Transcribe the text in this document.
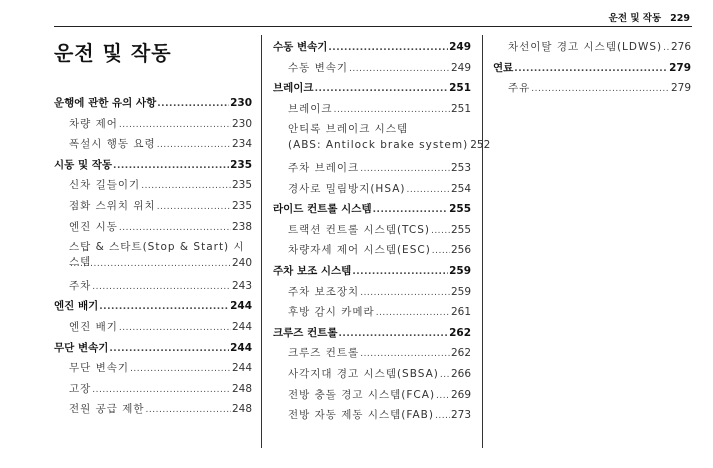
운전 및 작동 229
운전 및 작동
운행에 관한 유의 사항 .....	230
차량 제어 .....	230
폭설시 행동 요령 .....	234
시동 및 작동 .....	235
신차 길들이기 .....	235
점화 스위치 위치 .....	235
엔진 시동 .....	238
스탑 & 스타트(Stop & Start) 시스템 .....	240
주차 .....	243
엔진 배기 .....	244
엔진 배기 .....	244
무단 변속기 .....	244
무단 변속기 .....	244
고장 .....	248
전원 공급 제한 .....	248
수동 변속기 .....	249
수동 변속기 .....	249
브레이크 .....	251
브레이크 .....	251
안티록 브레이크 시스템
(ABS: Antilock brake system) 252
주차 브레이크 .....	253
경사로 밀림방지(HSA) .....	254
라이드 컨트롤 시스템 .....	255
트랙션 컨트롤 시스템(TCS) ..... 255
차량자세 제어 시스템(ESC) ..... 256
주차 보조 시스템 .....	259
주차 보조장치 .....	259
후방 감시 카메라 .....	261
크루즈 컨트롤 .....	262
크루즈 컨트롤 .....	262
사각지대 경고 시스템(SBSA) ..... 266
전방 충돌 경고 시스템(FCA) ..... 269
전방 자동 제동 시스템(FAB) ..... 273
차선이탈 경고 시스템(LDWS) ..... 276
연료 .....	279
주유 .....	279
